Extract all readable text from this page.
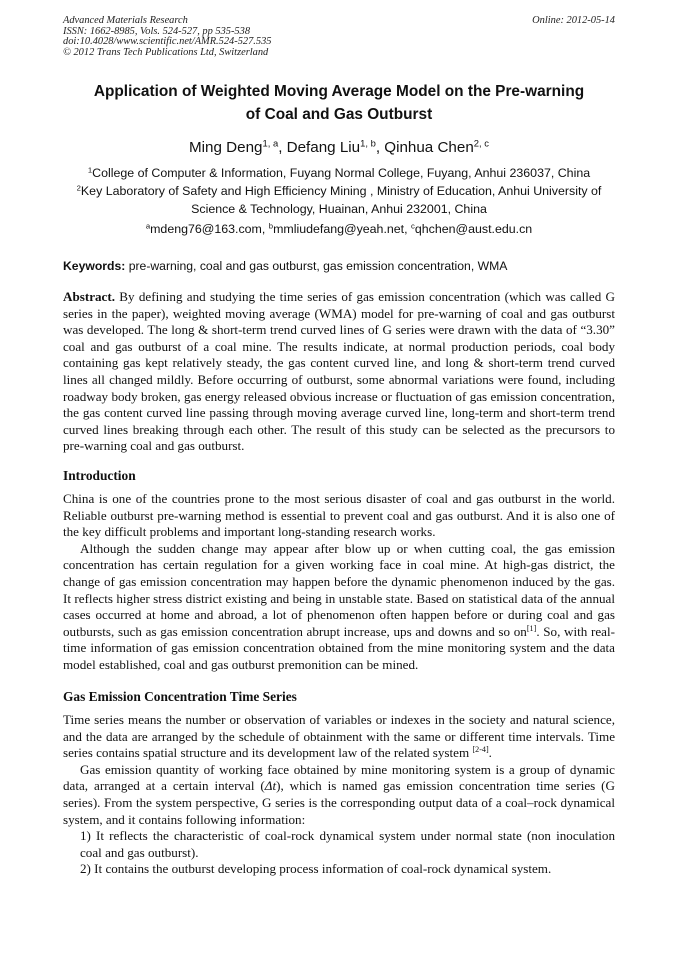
Advanced Materials Research
ISSN: 1662-8985, Vols. 524-527, pp 535-538
doi:10.4028/www.scientific.net/AMR.524-527.535
© 2012 Trans Tech Publications Ltd, Switzerland
Online: 2012-05-14
Application of Weighted Moving Average Model on the Pre-warning
of Coal and Gas Outburst
Ming Deng$^{1, a}$, Defang Liu$^{1, b}$, Qinhua Chen$^{2, c}$
$^1$College of Computer & Information, Fuyang Normal College, Fuyang, Anhui 236037, China
$^2$Key Laboratory of Safety and High Efficiency Mining , Ministry of Education, Anhui University of
Science & Technology, Huainan, Anhui 232001, China
$^a$mdeng76@163.com, $^b$mmliudefang@yeah.net, $^c$qhchen@aust.edu.cn
Keywords: pre-warning, coal and gas outburst, gas emission concentration, WMA

Abstract. By defining and studying the time series of gas emission concentration (which was called G series in the paper), weighted moving average (WMA) model for pre-warning of coal and gas outburst was developed. The long & short-term trend curved lines of G series were drawn with the data of “3.30” coal and gas outburst of a coal mine. The results indicate, at normal production periods, coal body containing gas kept relatively steady, the gas content curved line, and long & short-term trend curved lines all changed mildly. Before occurring of outburst, some abnormal variations were found, including roadway body broken, gas energy released obvious increase or fluctuation of gas emission concentration, the gas content curved line passing through moving average curved line, long-term and short-term trend curved lines breaking through each other. The result of this study can be selected as the precursors to pre-warning coal and gas outburst.

Introduction

China is one of the countries prone to the most serious disaster of coal and gas outburst in the world. Reliable outburst pre-warning method is essential to prevent coal and gas outburst. And it is also one of the key difficult problems and important long-standing research works.

Although the sudden change may appear after blow up or when cutting coal, the gas emission concentration has certain regulation for a given working face in coal mine. At high-gas district, the change of gas emission concentration may happen before the dynamic phenomenon induced by the gas. It reflects higher stress district existing and being in unstable state. Based on statistical data of the annual cases occurred at home and abroad, a lot of phenomenon often happen before or during coal and gas outbursts, such as gas emission concentration abrupt increase, ups and downs and so on[1]. So, with real-time information of gas emission concentration obtained from the mine monitoring system and the data model established, coal and gas outburst premonition can be mined.

Gas Emission Concentration Time Series

Time series means the number or observation of variables or indexes in the society and natural science, and the data are arranged by the schedule of obtainment with the same or different time intervals. Time series contains spatial structure and its development law of the related system [2-4].

Gas emission quantity of working face obtained by mine monitoring system is a group of dynamic data, arranged at a certain interval (Δt), which is named gas emission concentration time series (G series). From the system perspective, G series is the corresponding output data of a coal–rock dynamical system, and it contains following information:

1) It reflects the characteristic of coal-rock dynamical system under normal state (non inoculation coal and gas outburst).

2) It contains the outburst developing process information of coal-rock dynamical system.
